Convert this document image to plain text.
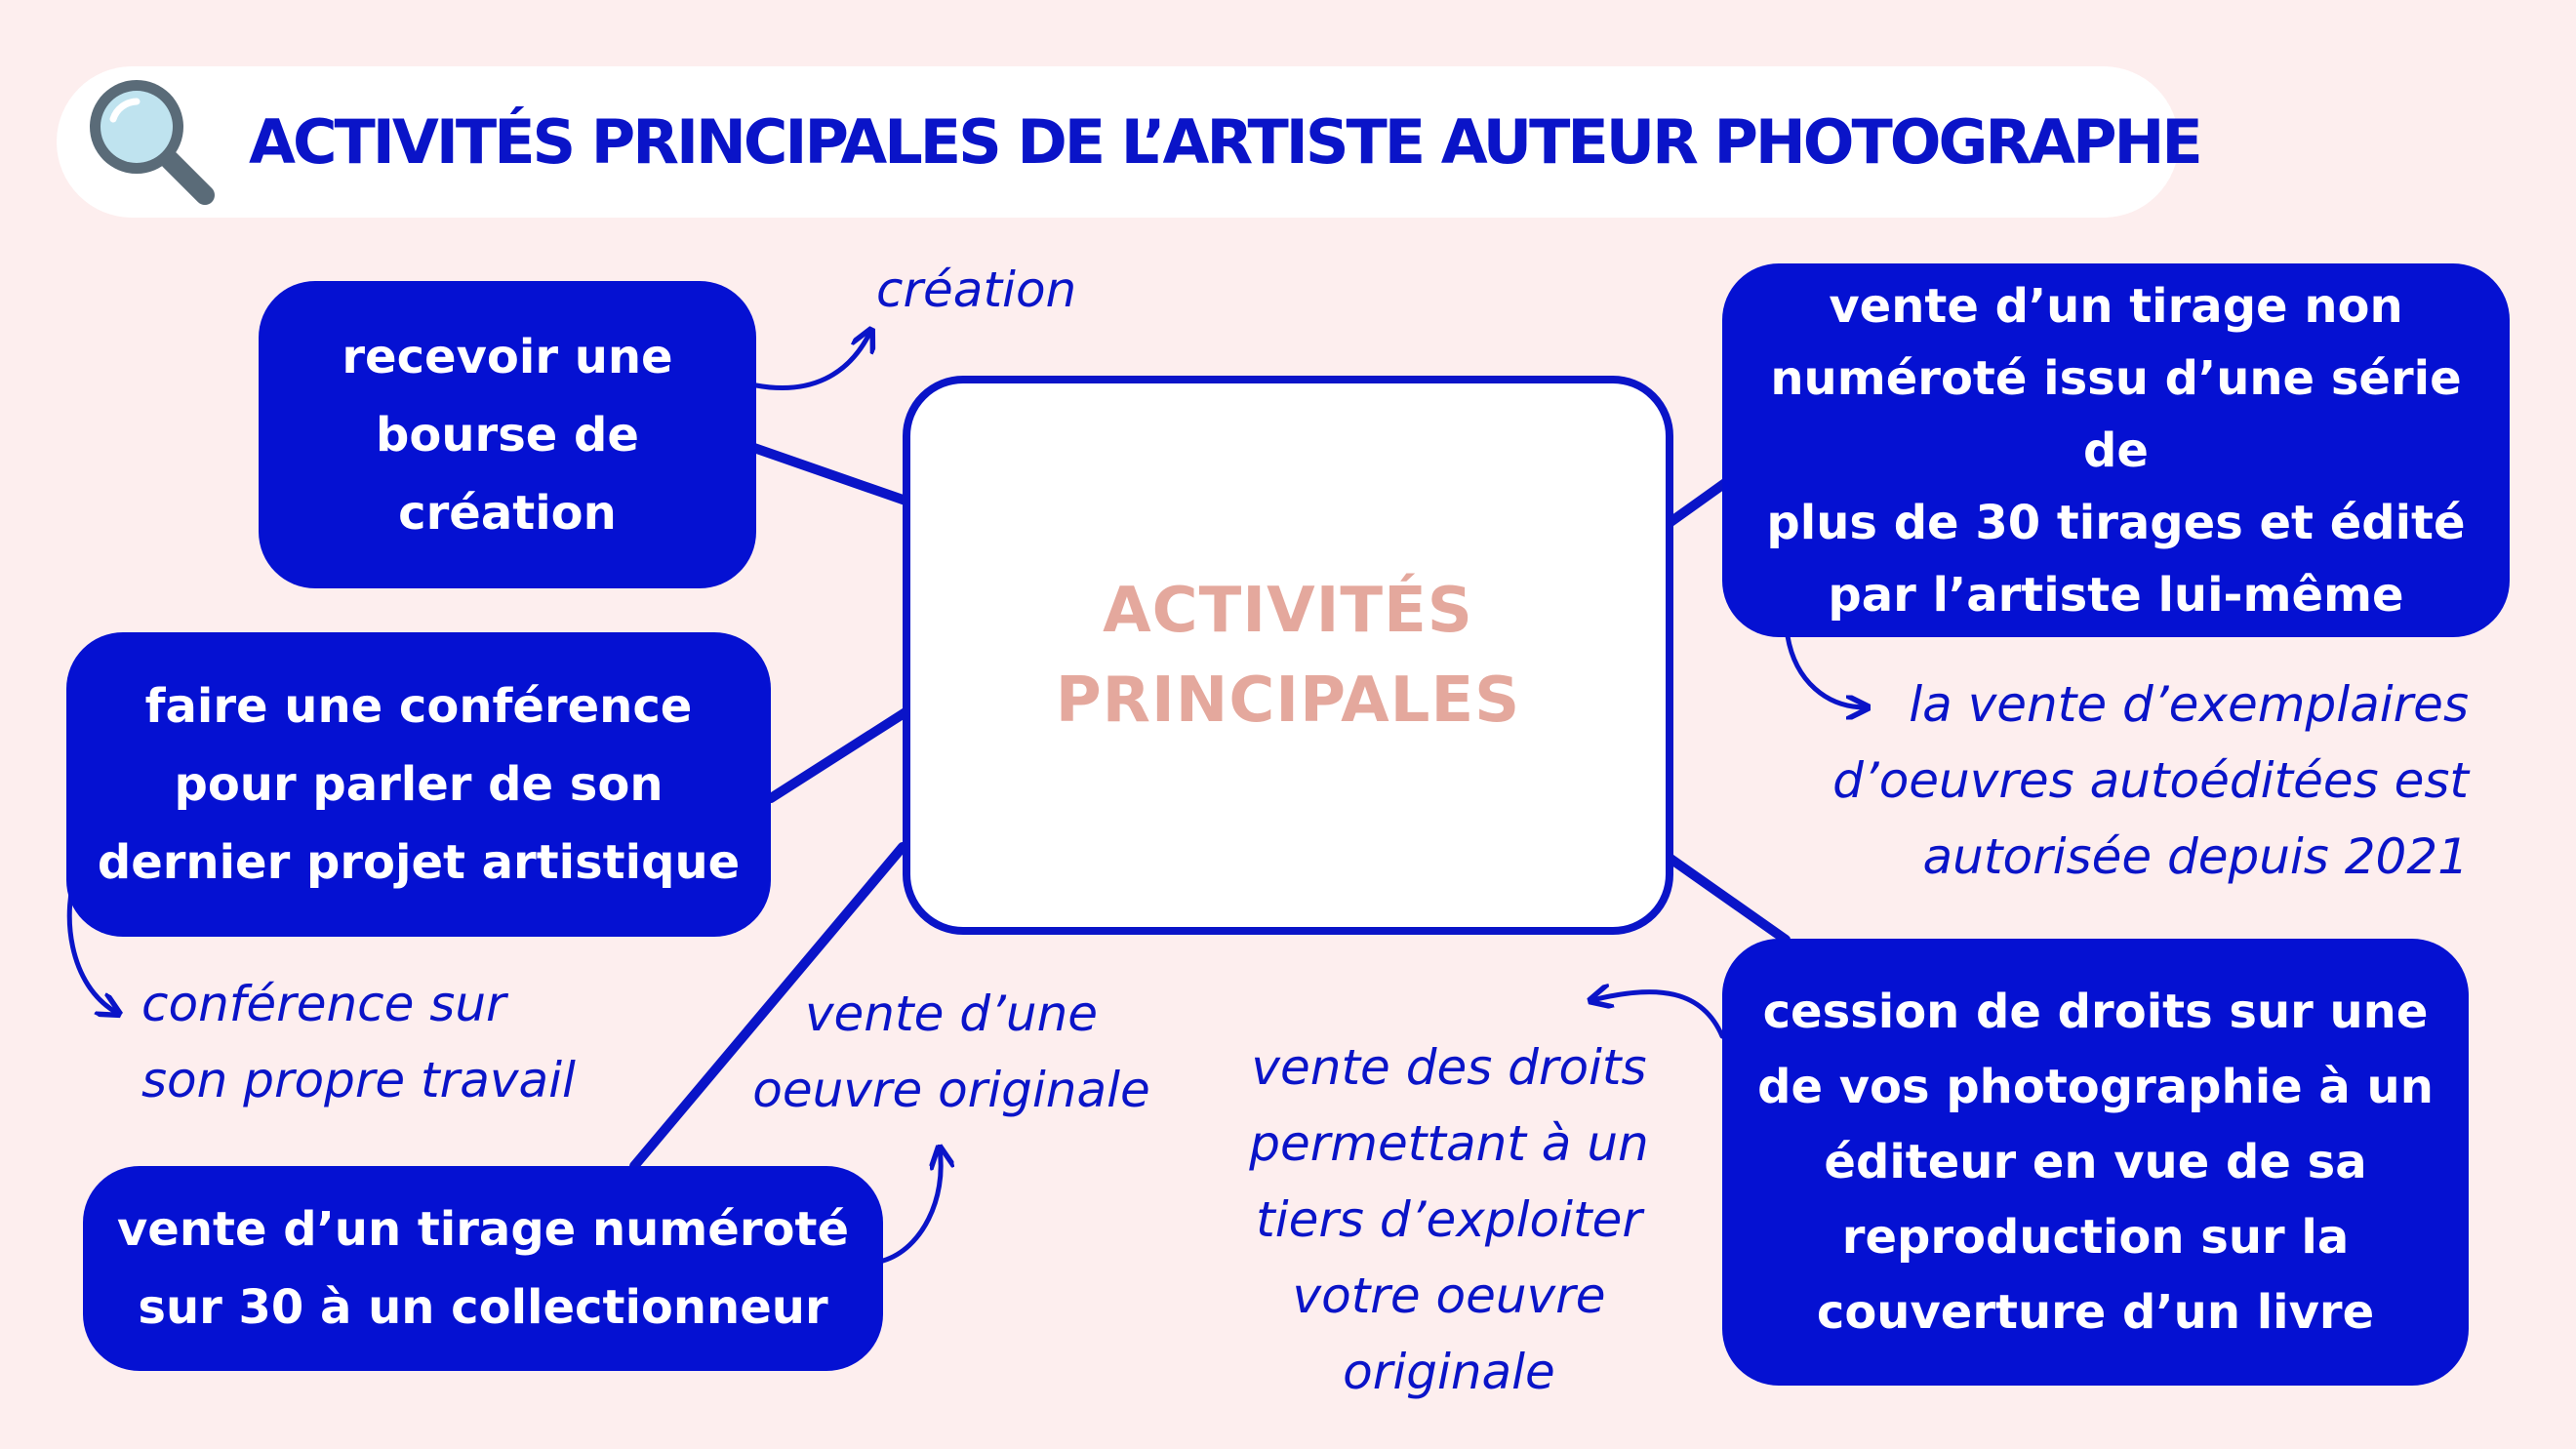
ACTIVITÉS PRINCIPALES DE L’ARTISTE AUTEUR PHOTOGRAPHE
ACTIVITÉS
PRINCIPALES
recevoir une
bourse de
création
faire une conférence
pour parler de son
dernier projet artistique
vente d’un tirage numéroté
sur 30 à un collectionneur
vente d’un tirage non
numéroté issu d’une série de
plus de 30 tirages et édité
par l’artiste lui-même
cession de droits sur une
de vos photographie à un
éditeur en vue de sa
reproduction sur la
couverture d’un livre
création
conférence sur
son propre travail
vente d’une
oeuvre originale
la vente d’exemplaires
d’oeuvres autoéditées est
autorisée depuis 2021
vente des droits
permettant à un
tiers d’exploiter
votre oeuvre
originale
